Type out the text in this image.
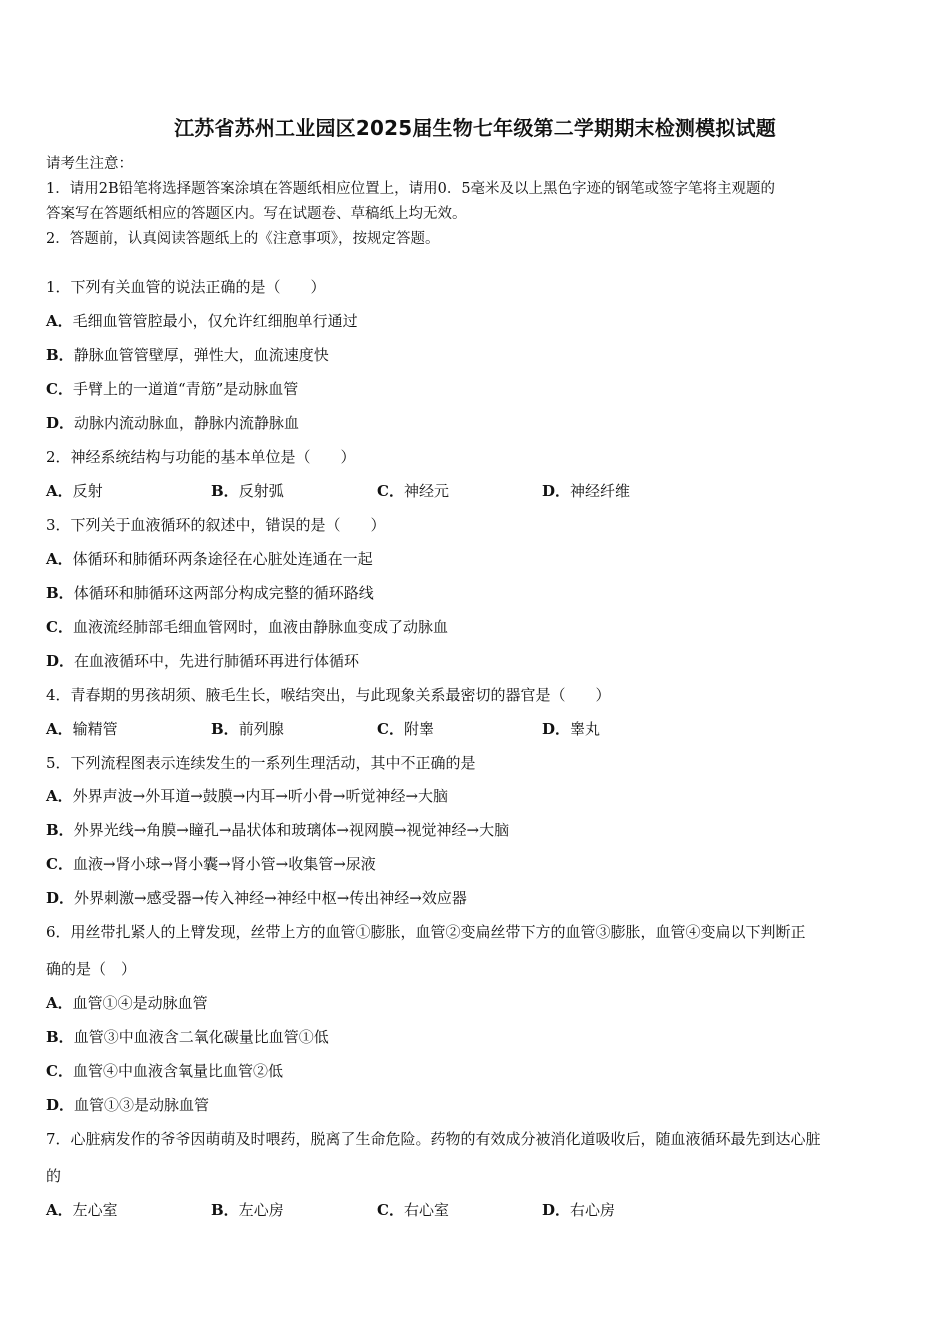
江苏省苏州工业园区2025届生物七年级第二学期期末检测模拟试题
请考生注意：
1．请用2B铅笔将选择题答案涂填在答题纸相应位置上，请用0．5毫米及以上黑色字迹的钢笔或签字笔将主观题的
答案写在答题纸相应的答题区内。写在试题卷、草稿纸上均无效。
2．答题前，认真阅读答题纸上的《注意事项》，按规定答题。
1．下列有关血管的说法正确的是（　　）
A．毛细血管管腔最小，仅允许红细胞单行通过
B．静脉血管管壁厚，弹性大，血流速度快
C．手臂上的一道道“青筋”是动脉血管
D．动脉内流动脉血，静脉内流静脉血
2．神经系统结构与功能的基本单位是（　　）
A．反射	B．反射弧	C．神经元	D．神经纤维
3．下列关于血液循环的叙述中，错误的是（　　）
A．体循环和肺循环两条途径在心脏处连通在一起
B．体循环和肺循环这两部分构成完整的循环路线
C．血液流经肺部毛细血管网时，血液由静脉血变成了动脉血
D．在血液循环中，先进行肺循环再进行体循环
4．青春期的男孩胡须、腋毛生长，喉结突出，与此现象关系最密切的器官是（　　）
A．输精管	B．前列腺	C．附睾	D．睾丸
5．下列流程图表示连续发生的一系列生理活动，其中不正确的是
A．外界声波→外耳道→鼓膜→内耳→听小骨→听觉神经→大脑
B．外界光线→角膜→瞳孔→晶状体和玻璃体→视网膜→视觉神经→大脑
C．血液→肾小球→肾小囊→肾小管→收集管→尿液
D．外界刺激→感受器→传入神经→神经中枢→传出神经→效应器
6．用丝带扎紧人的上臂发现，丝带上方的血管①膨胀，血管②变扁丝带下方的血管③膨胀，血管④变扁以下判断正
确的是（　）
A．血管①④是动脉血管
B．血管③中血液含二氧化碳量比血管①低
C．血管④中血液含氧量比血管②低
D．血管①③是动脉血管
7．心脏病发作的爷爷因萌萌及时喂药，脱离了生命危险。药物的有效成分被消化道吸收后，随血液循环最先到达心脏
的
A．左心室	B．左心房	C．右心室	D．右心房
